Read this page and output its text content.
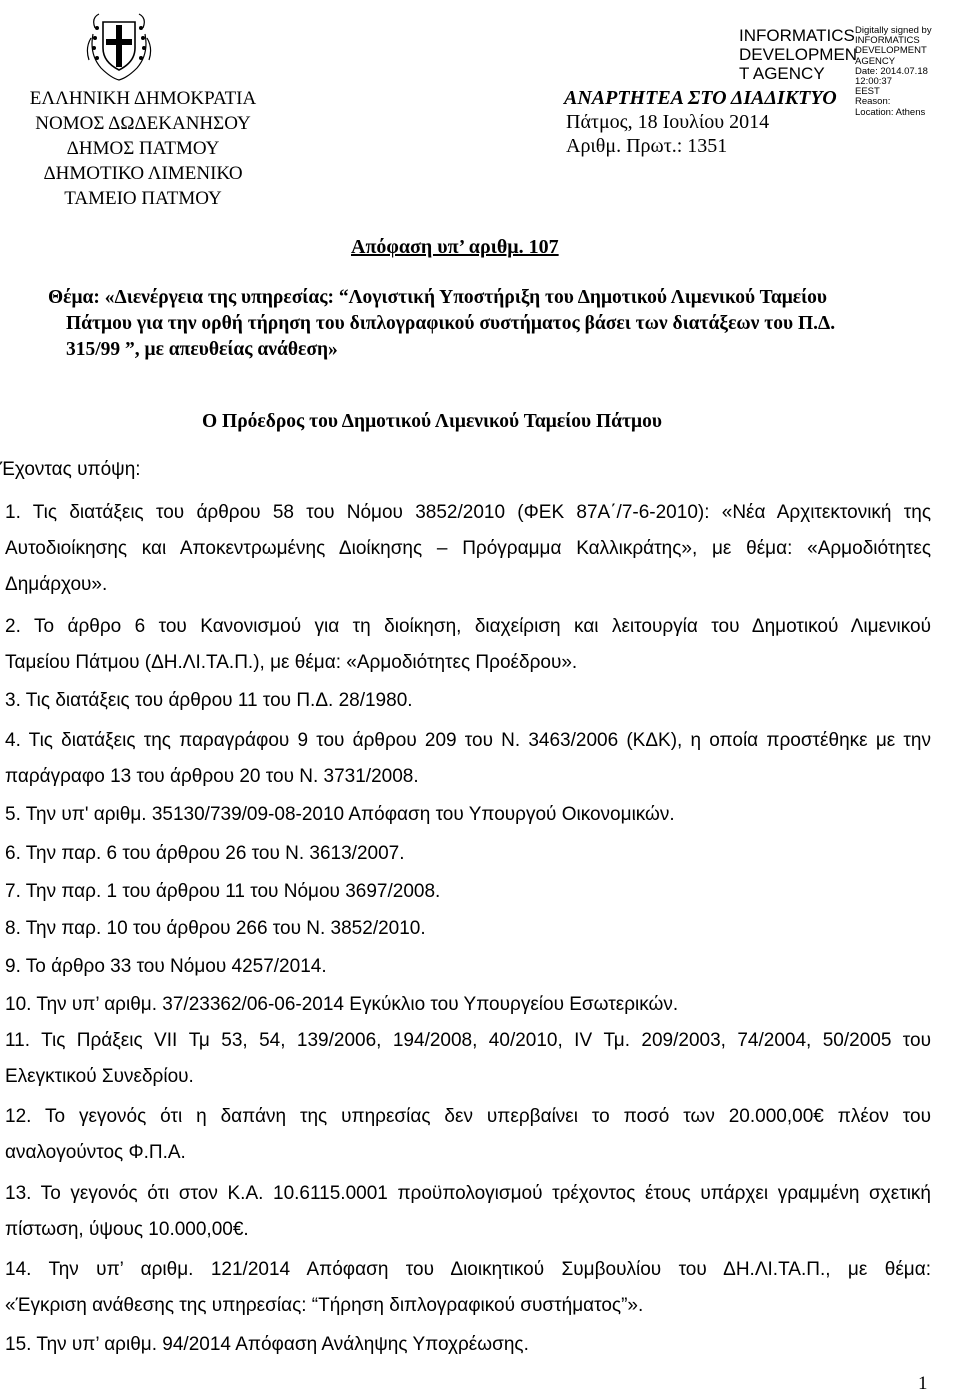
ΕΛΛΗΝΙΚΗ ΔΗΜΟΚΡΑΤΙΑ
ΝΟΜΟΣ ΔΩΔΕΚΑΝΗΣΟΥ
ΔΗΜΟΣ ΠΑΤΜΟΥ
ΔΗΜΟΤΙΚΟ ΛΙΜΕΝΙΚΟ
ΤΑΜΕΙΟ ΠΑΤΜΟΥ
INFORMATICS
DEVELOPMEN
T AGENCY
Digitally signed by
INFORMATICS
DEVELOPMENT AGENCY
Date: 2014.07.18 12:00:37
EEST
Reason:
Location: Athens
ΑΝΑΡΤΗΤΕΑ ΣΤΟ ΔΙΑΔΙΚΤΥΟ
Πάτμος, 18 Ιουλίου 2014
Αριθμ. Πρωτ.: 1351
Απόφαση υπ’ αριθμ. 107
Θέμα: «Διενέργεια της υπηρεσίας: “Λογιστική Υποστήριξη του Δημοτικού Λιμενικού Ταμείου
Πάτμου για την ορθή τήρηση του διπλογραφικού συστήματος βάσει των διατάξεων του Π.Δ.
315/99 ”, με απευθείας ανάθεση»
Ο Πρόεδρος του Δημοτικού Λιμενικού Ταμείου Πάτμου
Έχοντας υπόψη:
1. Τις διατάξεις του άρθρου 58 του Νόμου 3852/2010 (ΦΕΚ 87Α΄/7-6-2010): «Νέα Αρχιτεκτονική της
Αυτοδιοίκησης και Αποκεντρωμένης Διοίκησης – Πρόγραμμα Καλλικράτης», με θέμα: «Αρμοδιότητες
Δημάρχου».
2. Το άρθρο 6 του Κανονισμού για τη διοίκηση, διαχείριση και λειτουργία του Δημοτικού Λιμενικού
Ταμείου Πάτμου (ΔΗ.ΛΙ.ΤΑ.Π.), με θέμα: «Αρμοδιότητες Προέδρου».
3. Τις διατάξεις του άρθρου 11 του Π.Δ. 28/1980.
4. Τις διατάξεις της παραγράφου 9 του άρθρου 209 του Ν. 3463/2006 (ΚΔΚ), η οποία προστέθηκε με την
παράγραφο 13 του άρθρου 20 του Ν. 3731/2008.
5. Την υπ' αριθμ. 35130/739/09-08-2010 Απόφαση του Υπουργού Οικονομικών.
6. Την παρ. 6 του άρθρου 26 του Ν. 3613/2007.
7. Την παρ. 1 του άρθρου 11 του Νόμου 3697/2008.
8. Την παρ. 10 του άρθρου 266 του Ν. 3852/2010.
9. Το άρθρο 33 του Νόμου 4257/2014.
10. Την υπ’ αριθμ. 37/23362/06-06-2014 Εγκύκλιο του Υπουργείου Εσωτερικών.
11. Τις Πράξεις VII Τμ 53, 54, 139/2006, 194/2008, 40/2010, IV Τμ. 209/2003, 74/2004, 50/2005 του
Ελεγκτικού Συνεδρίου.
12. Το γεγονός ότι η δαπάνη της υπηρεσίας δεν υπερβαίνει το ποσό των 20.000,00€ πλέον του
αναλογούντος Φ.Π.Α.
13. Το γεγονός ότι στον Κ.Α. 10.6115.0001 προϋπολογισμού τρέχοντος έτους υπάρχει γραμμένη σχετική
πίστωση, ύψους 10.000,00€.
14. Την υπ’ αριθμ. 121/2014 Απόφαση του Διοικητικού Συμβουλίου του ΔΗ.ΛΙ.ΤΑ.Π., με θέμα:
«Έγκριση ανάθεσης της υπηρεσίας: “Τήρηση διπλογραφικού συστήματος”».
15. Την υπ’ αριθμ. 94/2014 Απόφαση Ανάληψης Υποχρέωσης.
1
